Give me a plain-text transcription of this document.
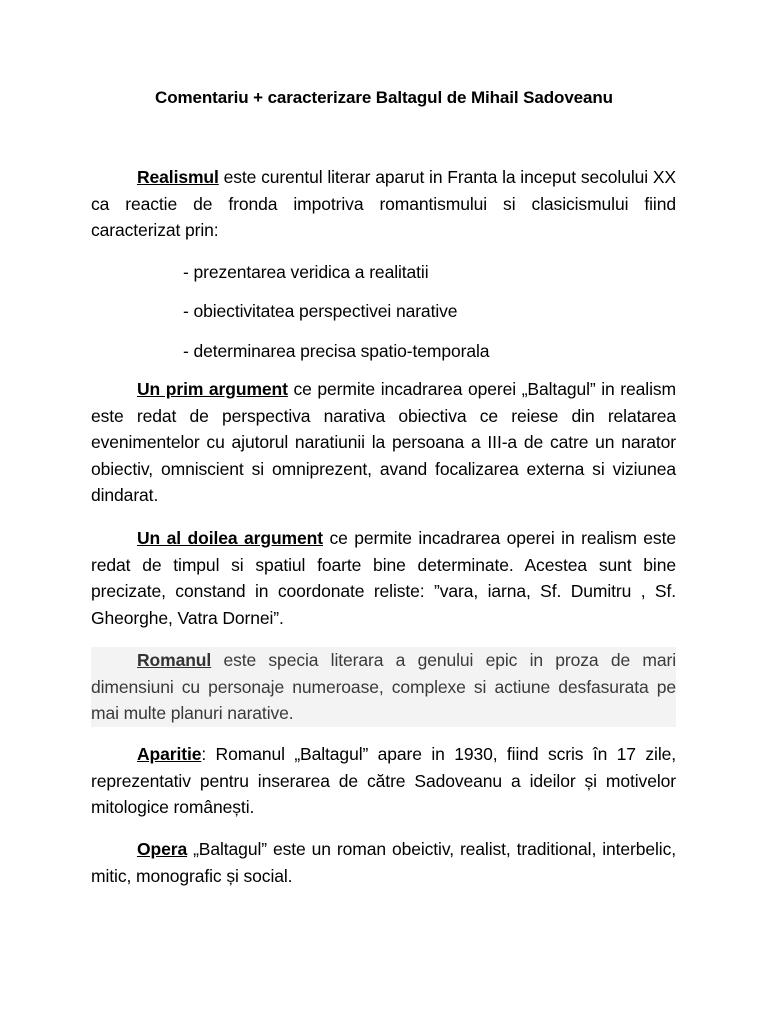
Comentariu + caracterizare Baltagul de Mihail Sadoveanu
Realismul este curentul literar aparut in Franta la inceput secolului XX ca reactie de fronda impotriva romantismului si clasicismului fiind caracterizat prin:
- prezentarea veridica a realitatii
- obiectivitatea perspectivei narative
- determinarea precisa spatio-temporala
Un prim argument ce permite incadrarea operei „Baltagul” in realism este redat de perspectiva narativa obiectiva ce reiese din relatarea evenimentelor cu ajutorul naratiunii la persoana a III-a de catre un narator obiectiv, omniscient si omniprezent, avand focalizarea externa si viziunea dindarat.
Un al doilea argument ce permite incadrarea operei in realism este redat de timpul si spatiul foarte bine determinate. Acestea sunt bine precizate, constand in coordonate reliste: ”vara, iarna, Sf. Dumitru , Sf. Gheorghe, Vatra Dornei”.
Romanul este specia literara a genului epic in proza de mari dimensiuni cu personaje numeroase, complexe si actiune desfasurata pe mai multe planuri narative.
Aparitie: Romanul „Baltagul” apare in 1930, fiind scris în 17 zile, reprezentativ pentru inserarea de către Sadoveanu a ideilor și motivelor mitologice românești.
Opera „Baltagul” este un roman obeictiv, realist, traditional, interbelic, mitic, monografic și social.
